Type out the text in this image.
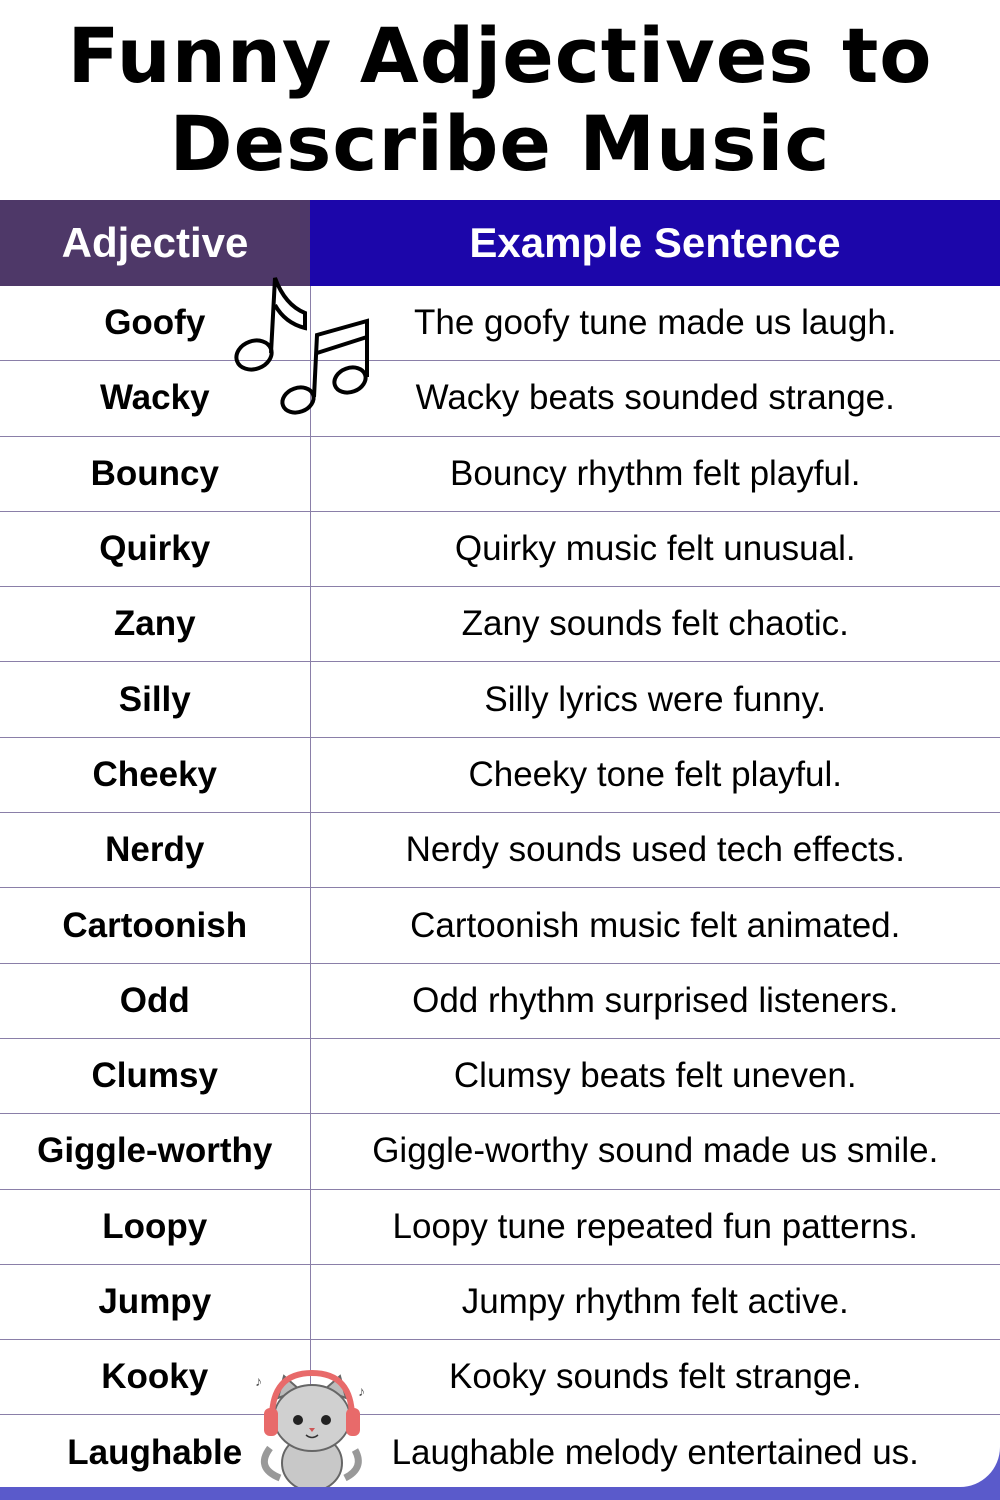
Funny Adjectives to Describe Music
Adjective	Example Sentence
Goofy	The goofy tune made us laugh.
Wacky	Wacky beats sounded strange.
Bouncy	Bouncy rhythm felt playful.
Quirky	Quirky music felt unusual.
Zany	Zany sounds felt chaotic.
Silly	Silly lyrics were funny.
Cheeky	Cheeky tone felt playful.
Nerdy	Nerdy sounds used tech effects.
Cartoonish	Cartoonish music felt animated.
Odd	Odd rhythm surprised listeners.
Clumsy	Clumsy beats felt uneven.
Giggle-worthy	Giggle-worthy sound made us smile.
Loopy	Loopy tune repeated fun patterns.
Jumpy	Jumpy rhythm felt active.
Kooky	Kooky sounds felt strange.
Laughable	Laughable melody entertained us.
♪
♪
